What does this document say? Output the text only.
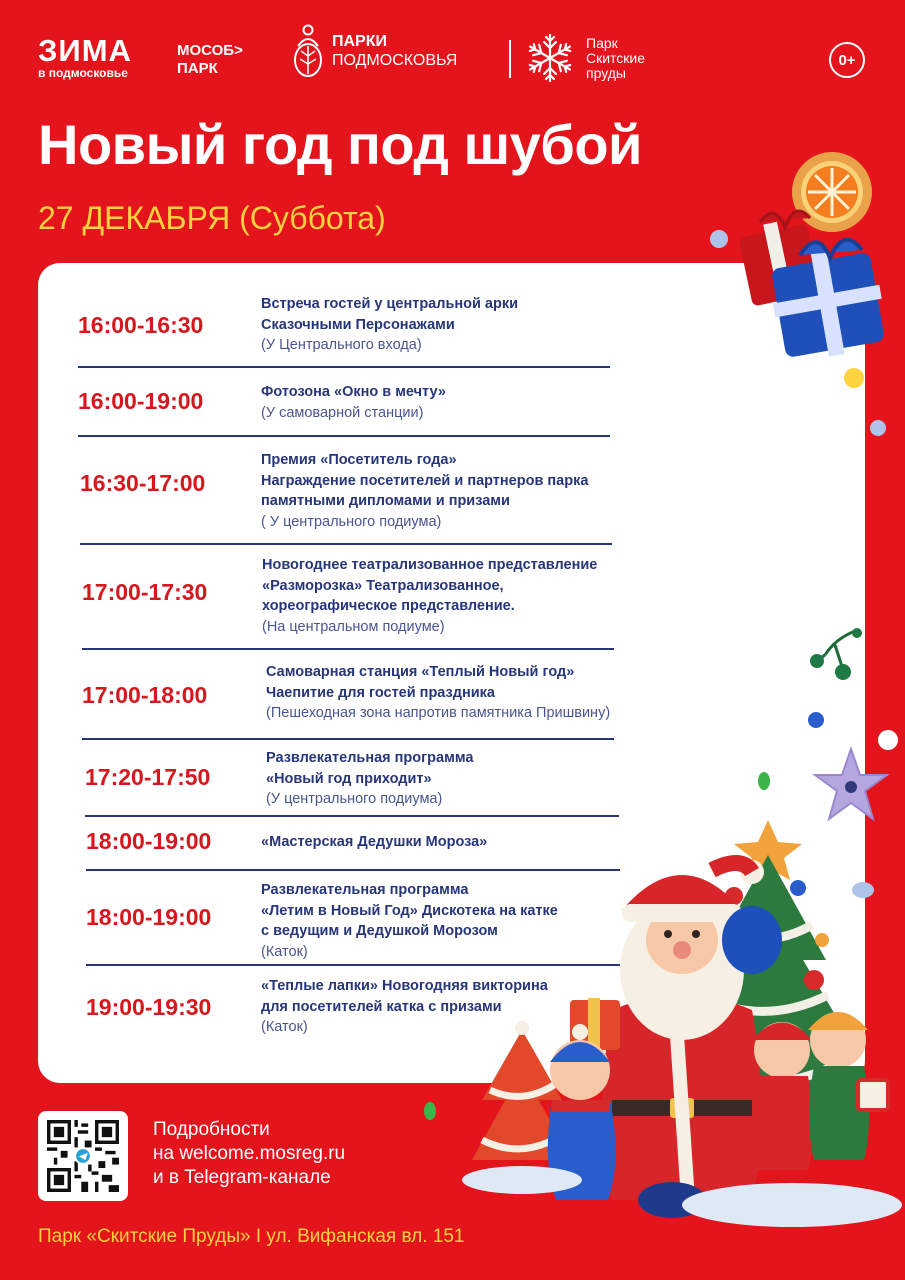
ЗИМА
в подмосковье
МОСОБ>
ПАРК
ПАРКИ
ПОДМОСКОВЬЯ
Парк
Скитские
пруды
0+
Новый год под шубой
27 ДЕКАБРЯ (Суббота)
16:00-16:30
Встреча гостей у центральной арки
Сказочными Персонажами
(У Центрального входа)
16:00-19:00	Фотозона «Окно в мечту»
(У самоварной станции)
16:30-17:00
Премия «Посетитель года»
Награждение посетителей и партнеров парка
памятными дипломами и призами
( У центрального подиума)
17:00-17:30
Новогоднее театрализованное представление
«Разморозка» Театрализованное,
хореографическое представление.
(На центральном подиуме)
17:00-18:00
Самоварная станция «Теплый Новый год»
Чаепитие для гостей праздника
(Пешеходная зона напротив памятника Пришвину)
17:20-17:50
Развлекательная программа
«Новый год приходит»
(У центрального подиума)
18:00-19:00	«Мастерская Дедушки Мороза»
18:00-19:00
Развлекательная программа
«Летим в Новый Год» Дискотека на катке
с ведущим и Дедушкой Морозом
(Каток)
19:00-19:30
«Теплые лапки» Новогодняя викторина
для посетителей катка с призами
(Каток)
Подробности
на welcome.mosreg.ru
и в Telegram-канале
Парк «Скитские Пруды» I ул. Вифанская вл. 151
